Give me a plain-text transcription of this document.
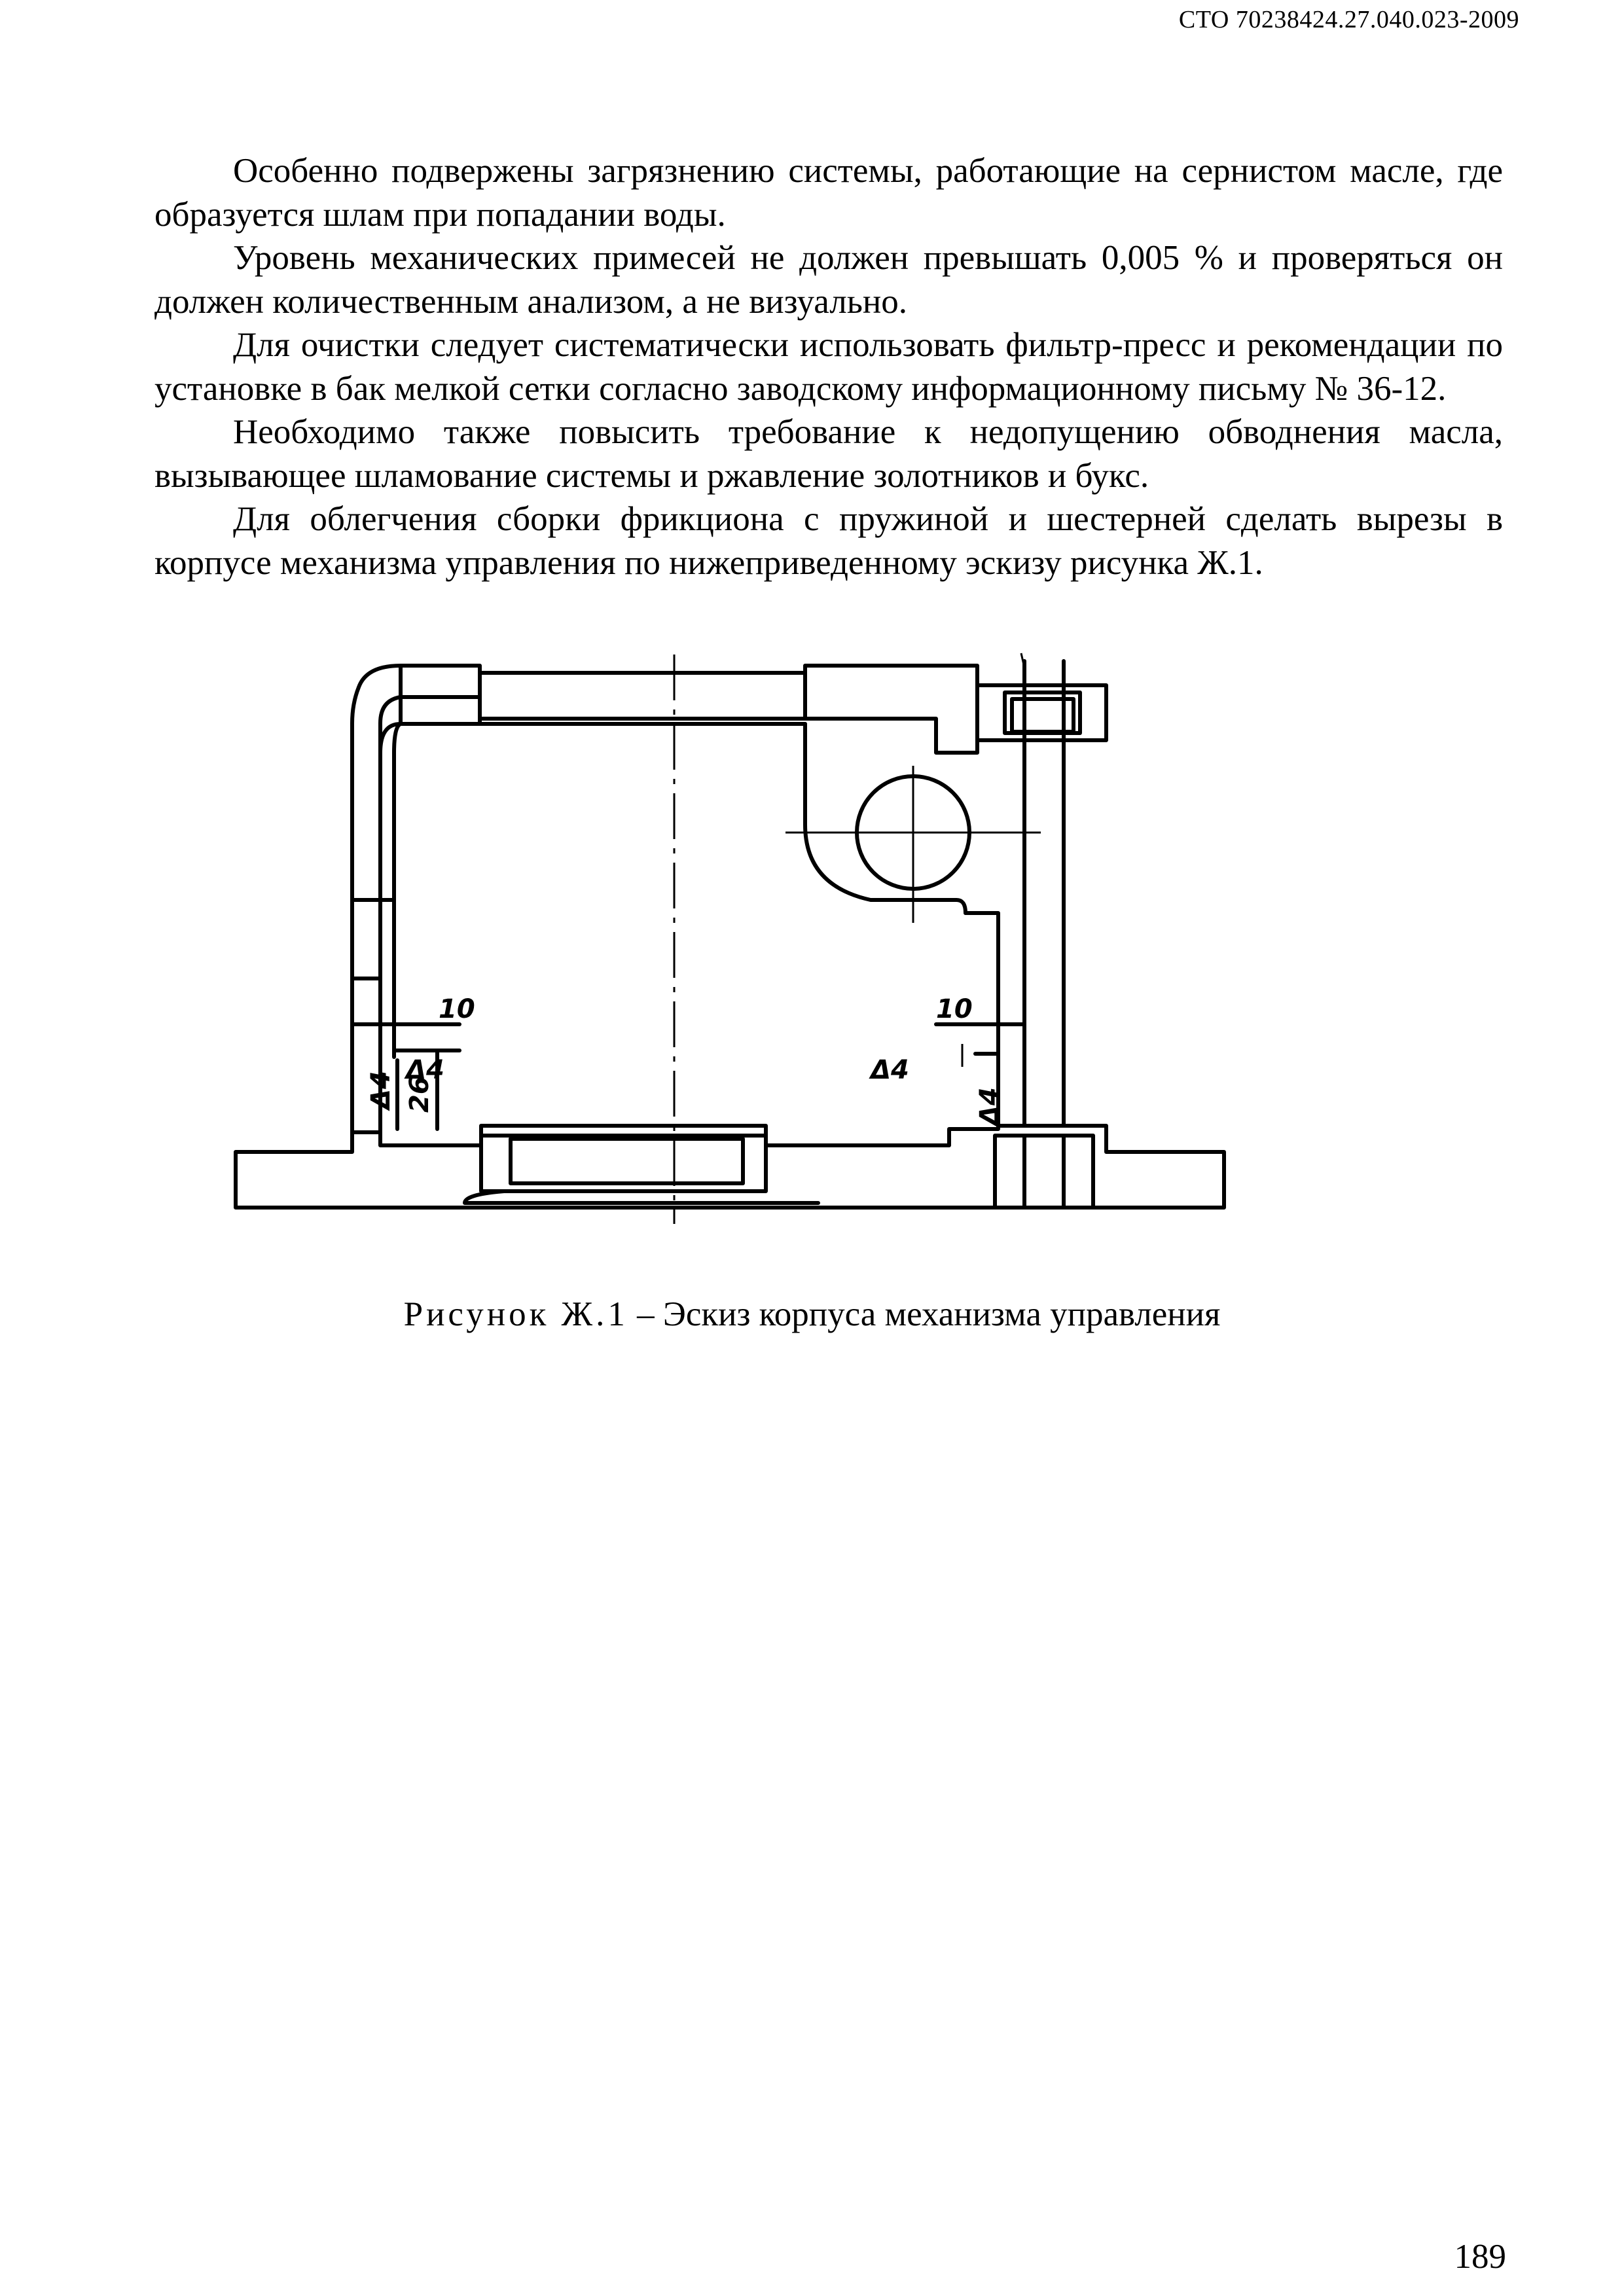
СТО 70238424.27.040.023-2009

Особенно подвержены загрязнению системы, работающие на сернистом масле, где образуется шлам при попадании воды.

Уровень механических примесей не должен превышать 0,005 % и проверяться он должен количественным анализом, а не визуально.

Для очистки следует систематически использовать фильтр-пресс и рекомендации по установке в бак мелкой сетки согласно заводскому информационному письму № 36-12.

Необходимо также повысить требование к недопущению обводнения масла, вызывающее шламование системы и ржавление золотников и букс.

Для облегчения сборки фрикциона с пружиной и шестерней сделать вырезы в корпусе механизма управления по нижеприведенному эскизу рисунка Ж.1.

10
Δ4
Δ4
26
10
Δ4
Δ4
Рисунок Ж.1 – Эскиз корпуса механизма управления
189
